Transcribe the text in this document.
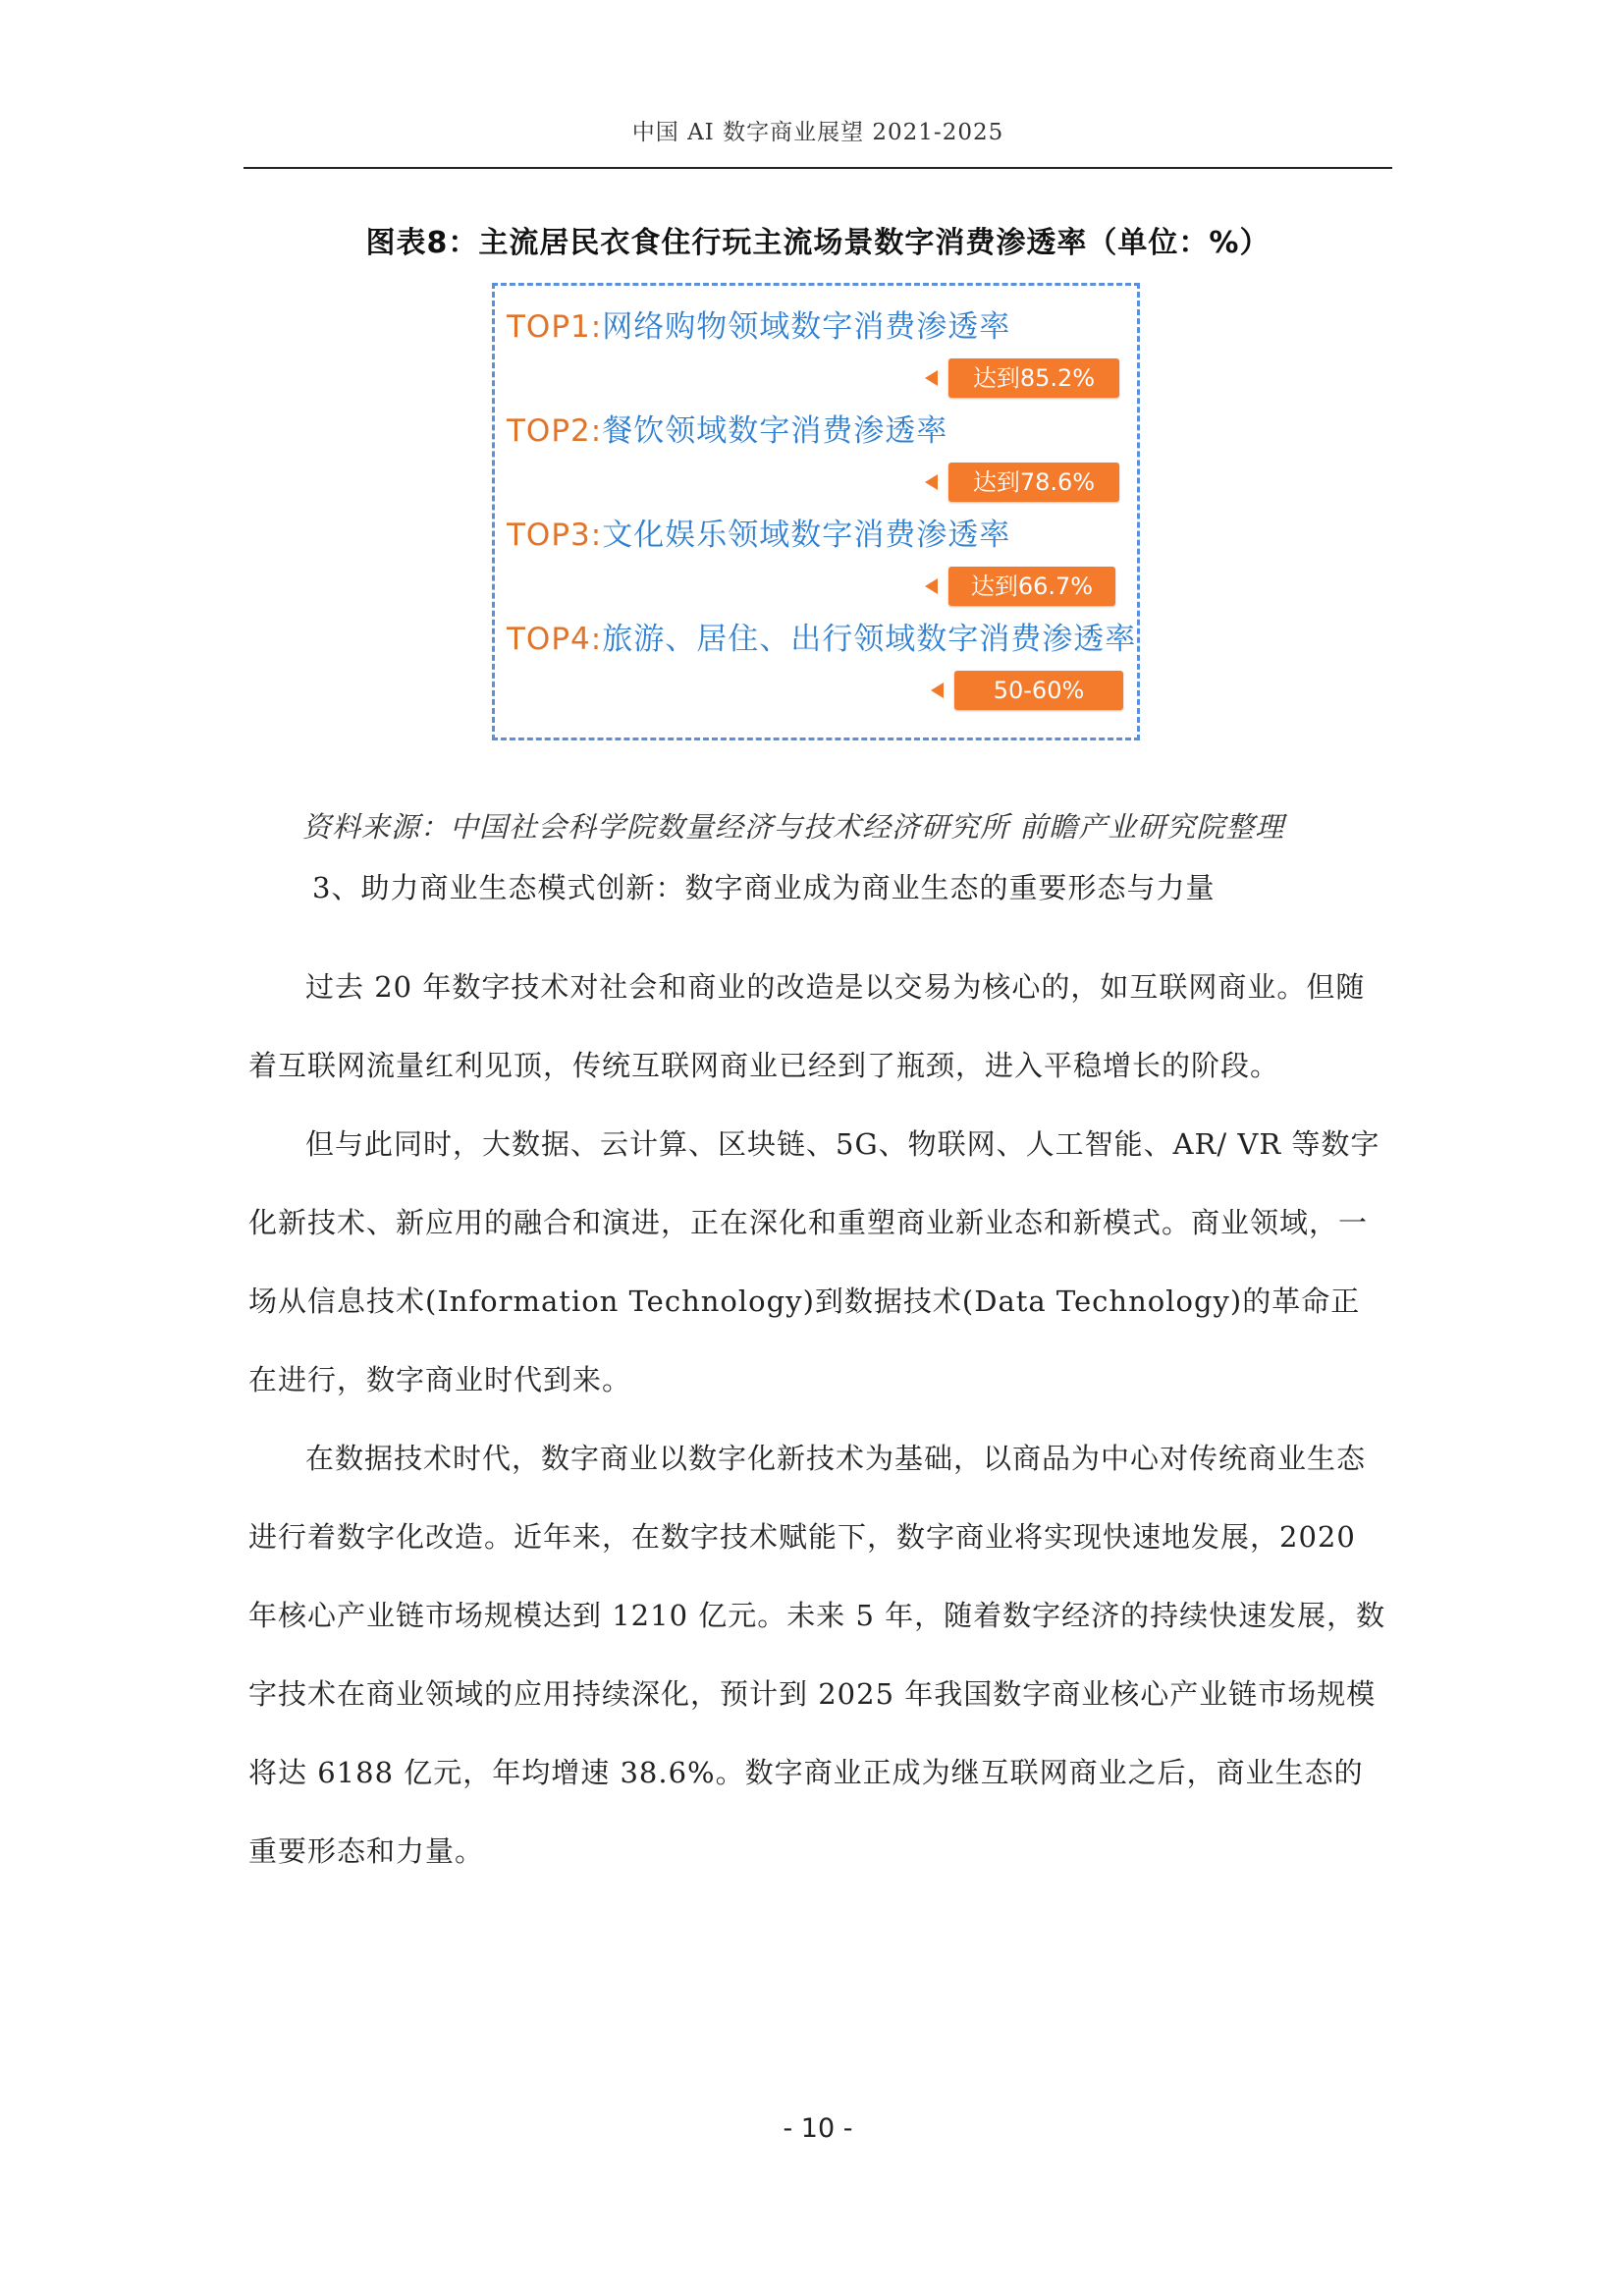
中国 AI 数字商业展望 2021-2025
图表8：主流居民衣食住行玩主流场景数字消费渗透率（单位：%）
TOP1:网络购物领域数字消费渗透率
达到85.2%
TOP2:餐饮领域数字消费渗透率
达到78.6%
TOP3:文化娱乐领域数字消费渗透率
达到66.7%
TOP4:旅游、居住、出行领域数字消费渗透率
50-60%
资料来源：中国社会科学院数量经济与技术经济研究所 前瞻产业研究院整理
3、助力商业生态模式创新：数字商业成为商业生态的重要形态与力量

过去 20 年数字技术对社会和商业的改造是以交易为核心的，如互联网商业。但随着互联网流量红利见顶，传统互联网商业已经到了瓶颈，进入平稳增长的阶段。

但与此同时，大数据、云计算、区块链、5G、物联网、人工智能、AR/ VR 等数字化新技术、新应用的融合和演进，正在深化和重塑商业新业态和新模式。商业领域，一场从信息技术(Information Technology)到数据技术(Data Technology)的革命正在进行，数字商业时代到来。

在数据技术时代，数字商业以数字化新技术为基础，以商品为中心对传统商业生态进行着数字化改造。近年来，在数字技术赋能下，数字商业将实现快速地发展，2020 年核心产业链市场规模达到 1210 亿元。未来 5 年，随着数字经济的持续快速发展，数字技术在商业领域的应用持续深化，预计到 2025 年我国数字商业核心产业链市场规模将达 6188 亿元，年均增速 38.6%。数字商业正成为继互联网商业之后，商业生态的重要形态和力量。

- 10 -
